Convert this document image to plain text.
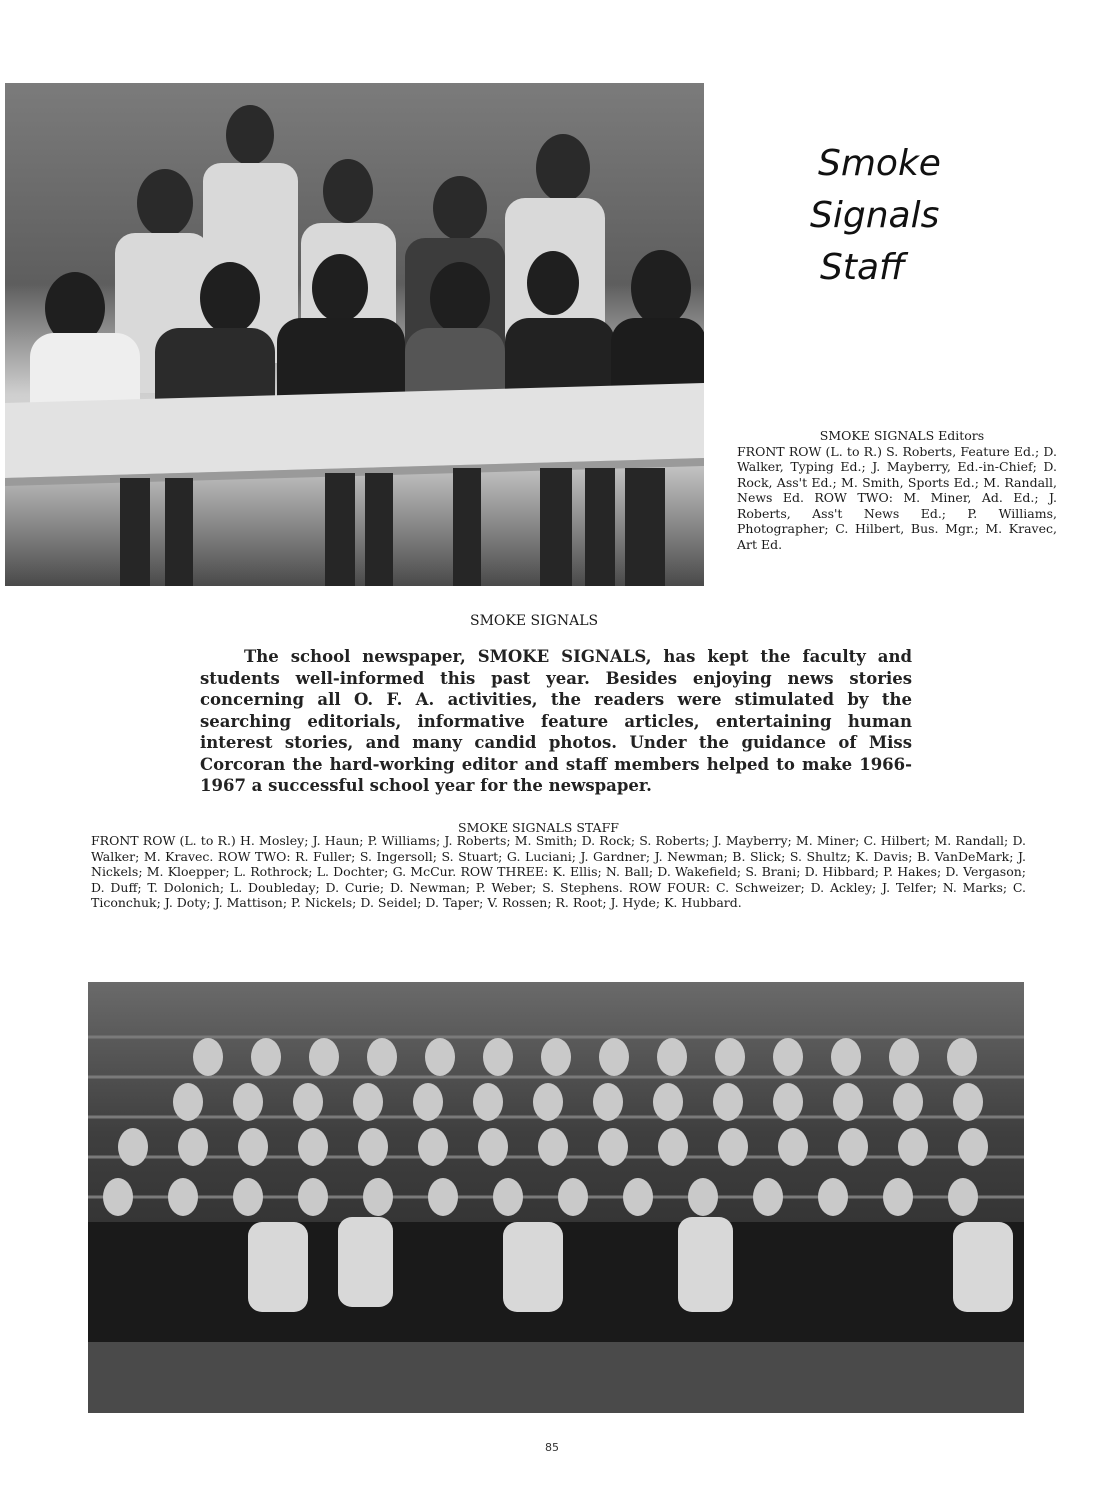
Smoke
Signals
Staff
SMOKE SIGNALS Editors
FRONT ROW (L. to R.) S. Roberts, Feature Ed.; D. Walker, Typing Ed.; J. Mayberry, Ed.-in-Chief; D. Rock, Ass't Ed.; M. Smith, Sports Ed.; M. Randall, News Ed. ROW TWO: M. Miner, Ad. Ed.; J. Roberts, Ass't News Ed.; P. Williams, Photographer; C. Hilbert, Bus. Mgr.; M. Kravec, Art Ed.
SMOKE SIGNALS
The school newspaper, SMOKE SIGNALS, has kept the faculty and students well-informed this past year. Besides enjoying news stories concerning all O. F. A. activities, the readers were stimulated by the searching editorials, informative feature articles, entertaining human interest stories, and many candid photos. Under the guidance of Miss Corcoran the hard-working editor and staff members helped to make 1966-1967 a successful school year for the newspaper.
SMOKE SIGNALS STAFF
FRONT ROW (L. to R.) H. Mosley; J. Haun; P. Williams; J. Roberts; M. Smith; D. Rock; S. Roberts; J. Mayberry; M. Miner; C. Hilbert; M. Randall; D. Walker; M. Kravec. ROW TWO: R. Fuller; S. Ingersoll; S. Stuart; G. Luciani; J. Gardner; J. Newman; B. Slick; S. Shultz; K. Davis; B. VanDeMark; J. Nickels; M. Kloepper; L. Rothrock; L. Dochter; G. McCur. ROW THREE: K. Ellis; N. Ball; D. Wakefield; S. Brani; D. Hibbard; P. Hakes; D. Vergason; D. Duff; T. Dolonich; L. Doubleday; D. Curie; D. Newman; P. Weber; S. Stephens. ROW FOUR: C. Schweizer; D. Ackley; J. Telfer; N. Marks; C. Ticonchuk; J. Doty; J. Mattison; P. Nickels; D. Seidel; D. Taper; V. Rossen; R. Root; J. Hyde; K. Hubbard.
85
